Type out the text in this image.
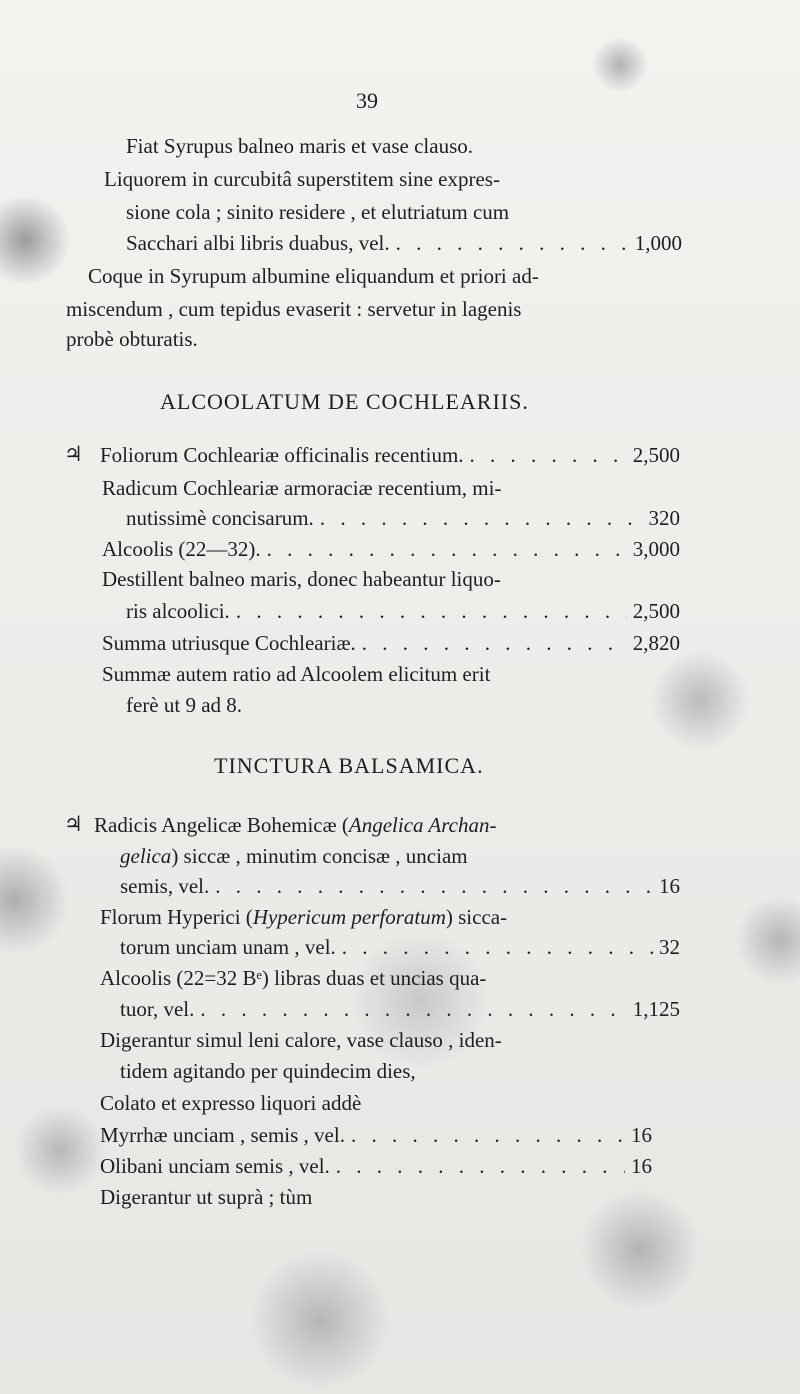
39
Fiat Syrupus balneo maris et vase clauso.
Liquorem in curcubitâ superstitem sine expres-
sione cola ; sinito residere , et elutriatum cum
Sacchari albi libris duabus, vel. . . .	1,000
Coque in Syrupum albumine eliquandum et priori ad-
miscendum , cum tepidus evaserit : servetur in lagenis
probè obturatis.
ALCOOLATUM DE COCHLEARIIS.
♃ Foliorum Cochleariæ officinalis recentium. . . .	2,500
Radicum Cochleariæ armoraciæ recentium, mi-
nutissimè concisarum. . . .	320
Alcoolis (22—32). . . .	3,000
Destillent balneo maris, donec habeantur liquo-
ris alcoolici. . . .	2,500
Summa utriusque Cochleariæ. . . .	2,820
Summæ autem ratio ad Alcoolem elicitum erit
ferè ut 9 ad 8.
TINCTURA BALSAMICA.
♃ Radicis Angelicæ Bohemicæ (Angelica Archan-
gelica) siccæ , minutim concisæ , unciam
semis, vel. . . .	16
Florum Hyperici (Hypericum perforatum) sicca-
torum unciam unam , vel. . . .	32
Alcoolis (22=32 Bᵉ) libras duas et uncias qua-
tuor, vel. . . .	1,125
Digerantur simul leni calore, vase clauso , iden-
tidem agitando per quindecim dies,
Colato et expresso liquori addè
Myrrhæ unciam , semis , vel. . . .	16
Olibani unciam semis , vel. . . .	16
Digerantur ut suprà ; tùm
